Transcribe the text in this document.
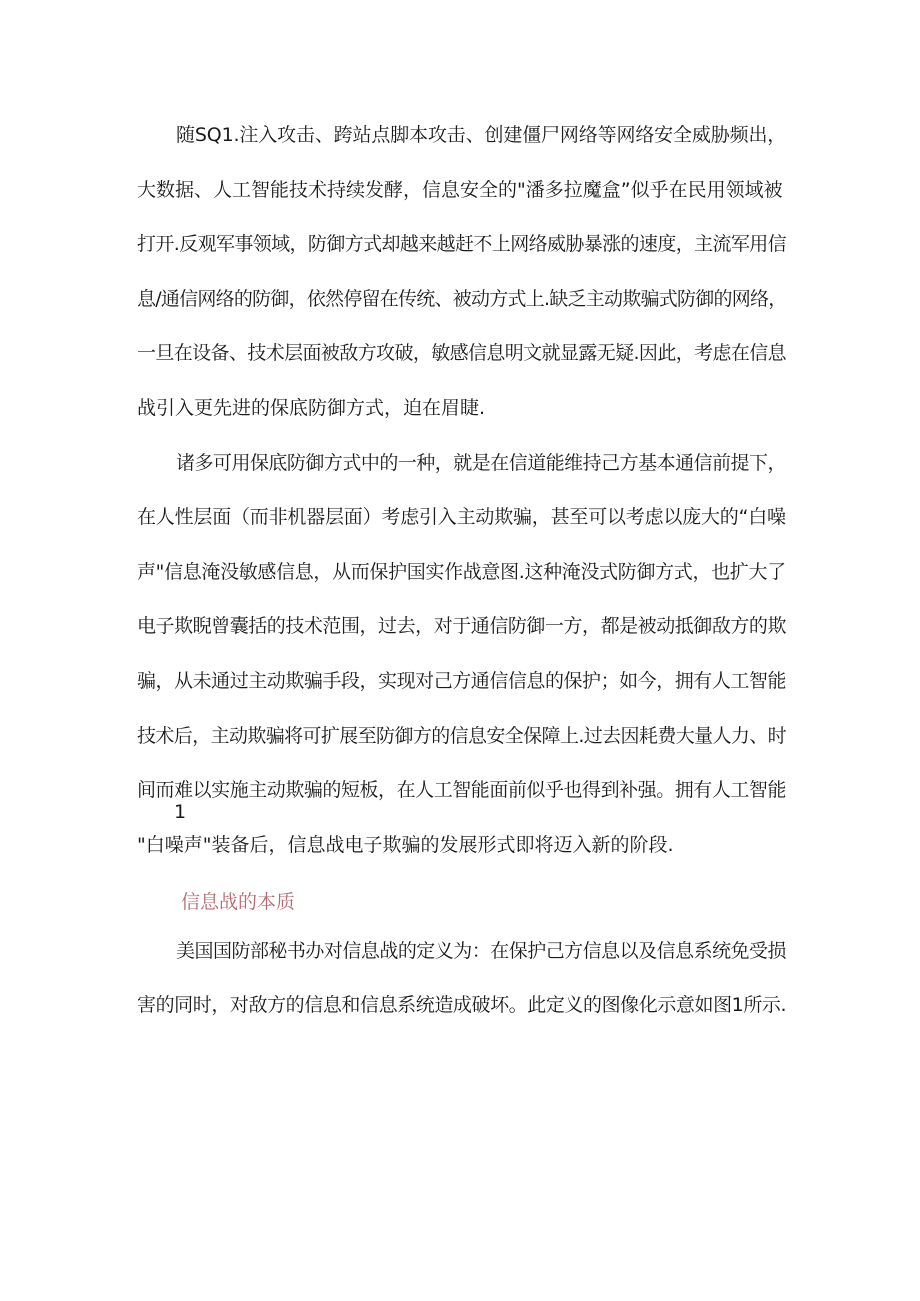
随SQ1.注入攻击、跨站点脚本攻击、创建僵尸网络等网络安全威胁频出，
大数据、人工智能技术持续发酵，信息安全的"潘多拉魔盒”似乎在民用领域被
打开.反观军事领域，防御方式却越来越赶不上网络威胁暴涨的速度，主流军用信
息/通信网络的防御，依然停留在传统、被动方式上.缺乏主动欺骗式防御的网络，
一旦在设备、技术层面被敌方攻破，敏感信息明文就显露无疑.因此，考虑在信息
战引入更先进的保底防御方式，迫在眉睫.
诸多可用保底防御方式中的一种，就是在信道能维持己方基本通信前提下，
在人性层面（而非机器层面）考虑引入主动欺骗，甚至可以考虑以庞大的“白噪
声"信息淹没敏感信息，从而保护国实作战意图.这种淹没式防御方式，也扩大了
电子欺睨曾囊括的技术范围，过去，对于通信防御一方，都是被动抵御敌方的欺
骗，从未通过主动欺骗手段，实现对己方通信信息的保护；如今，拥有人工智能
技术后，主动欺骗将可扩展至防御方的信息安全保障上.过去因耗费大量人力、时
间而难以实施主动欺骗的短板，在人工智能面前似乎也得到补强。拥有人工智能
"白噪声"装备后，信息战电子欺骗的发展形式即将迈入新的阶段.
1
信息战的本质
美国国防部秘书办对信息战的定义为：在保护己方信息以及信息系统免受损
害的同时，对敌方的信息和信息系统造成破坏。此定义的图像化示意如图1所示.
